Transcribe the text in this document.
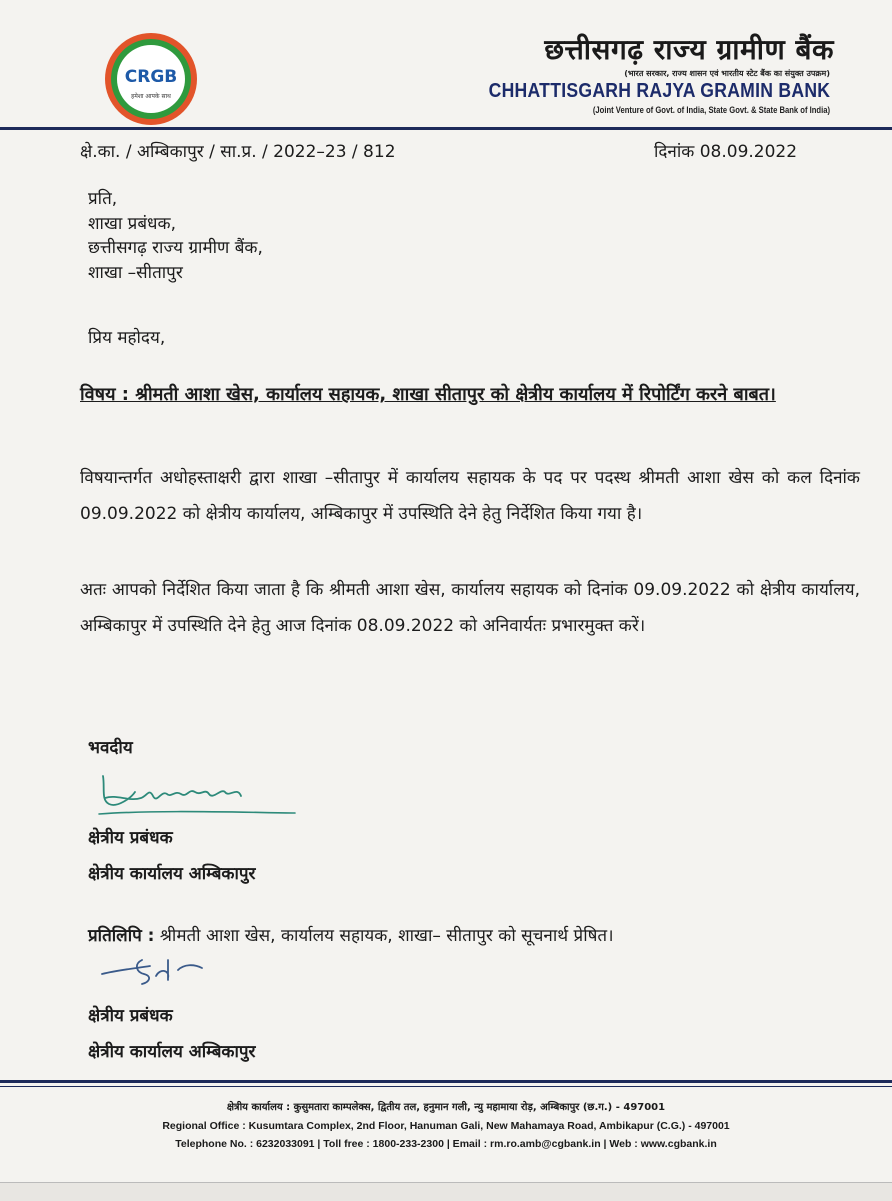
CRGB
हमेशा आपके साथ
छत्तीसगढ़ राज्य ग्रामीण बैंक
(भारत सरकार, राज्य शासन एवं भारतीय स्टेट बैंक का संयुक्त उपक्रम)
CHHATTISGARH RAJYA GRAMIN BANK
(Joint Venture of Govt. of India, State Govt. & State Bank of India)
क्षे.का. / अम्बिकापुर / सा.प्र. / 2022–23 / 812	दिनांक 08.09.2022
प्रति,
शाखा प्रबंधक,
छत्तीसगढ़ राज्य ग्रामीण बैंक,
शाखा –सीतापुर
प्रिय महोदय,
विषय : श्रीमती आशा खेस, कार्यालय सहायक, शाखा सीतापुर को क्षेत्रीय कार्यालय में रिपोर्टिंग करने बाबत।
विषयान्तर्गत अधोहस्ताक्षरी द्वारा शाखा –सीतापुर में कार्यालय सहायक के पद पर पदस्थ श्रीमती आशा खेस को कल दिनांक 09.09.2022 को क्षेत्रीय कार्यालय, अम्बिकापुर में उपस्थिति देने हेतु निर्देशित किया गया है।
अतः आपको निर्देशित किया जाता है कि श्रीमती आशा खेस, कार्यालय सहायक को दिनांक 09.09.2022 को क्षेत्रीय कार्यालय, अम्बिकापुर में उपस्थिति देने हेतु आज दिनांक 08.09.2022 को अनिवार्यतः प्रभारमुक्त करें।
भवदीय
क्षेत्रीय प्रबंधक
क्षेत्रीय कार्यालय अम्बिकापुर
प्रतिलिपि : श्रीमती आशा खेस, कार्यालय सहायक, शाखा– सीतापुर को सूचनार्थ प्रेषित।
क्षेत्रीय प्रबंधक
क्षेत्रीय कार्यालय अम्बिकापुर
क्षेत्रीय कार्यालय : कुसुमतारा काम्पलेक्स, द्वितीय तल, हनुमान गली, न्यु महामाया रोड़, अम्बिकापुर (छ.ग.) - 497001
Regional Office : Kusumtara Complex, 2nd Floor, Hanuman Gali, New Mahamaya Road, Ambikapur (C.G.) - 497001
Telephone No. : 6232033091 | Toll free : 1800-233-2300 | Email : rm.ro.amb@cgbank.in | Web : www.cgbank.in
